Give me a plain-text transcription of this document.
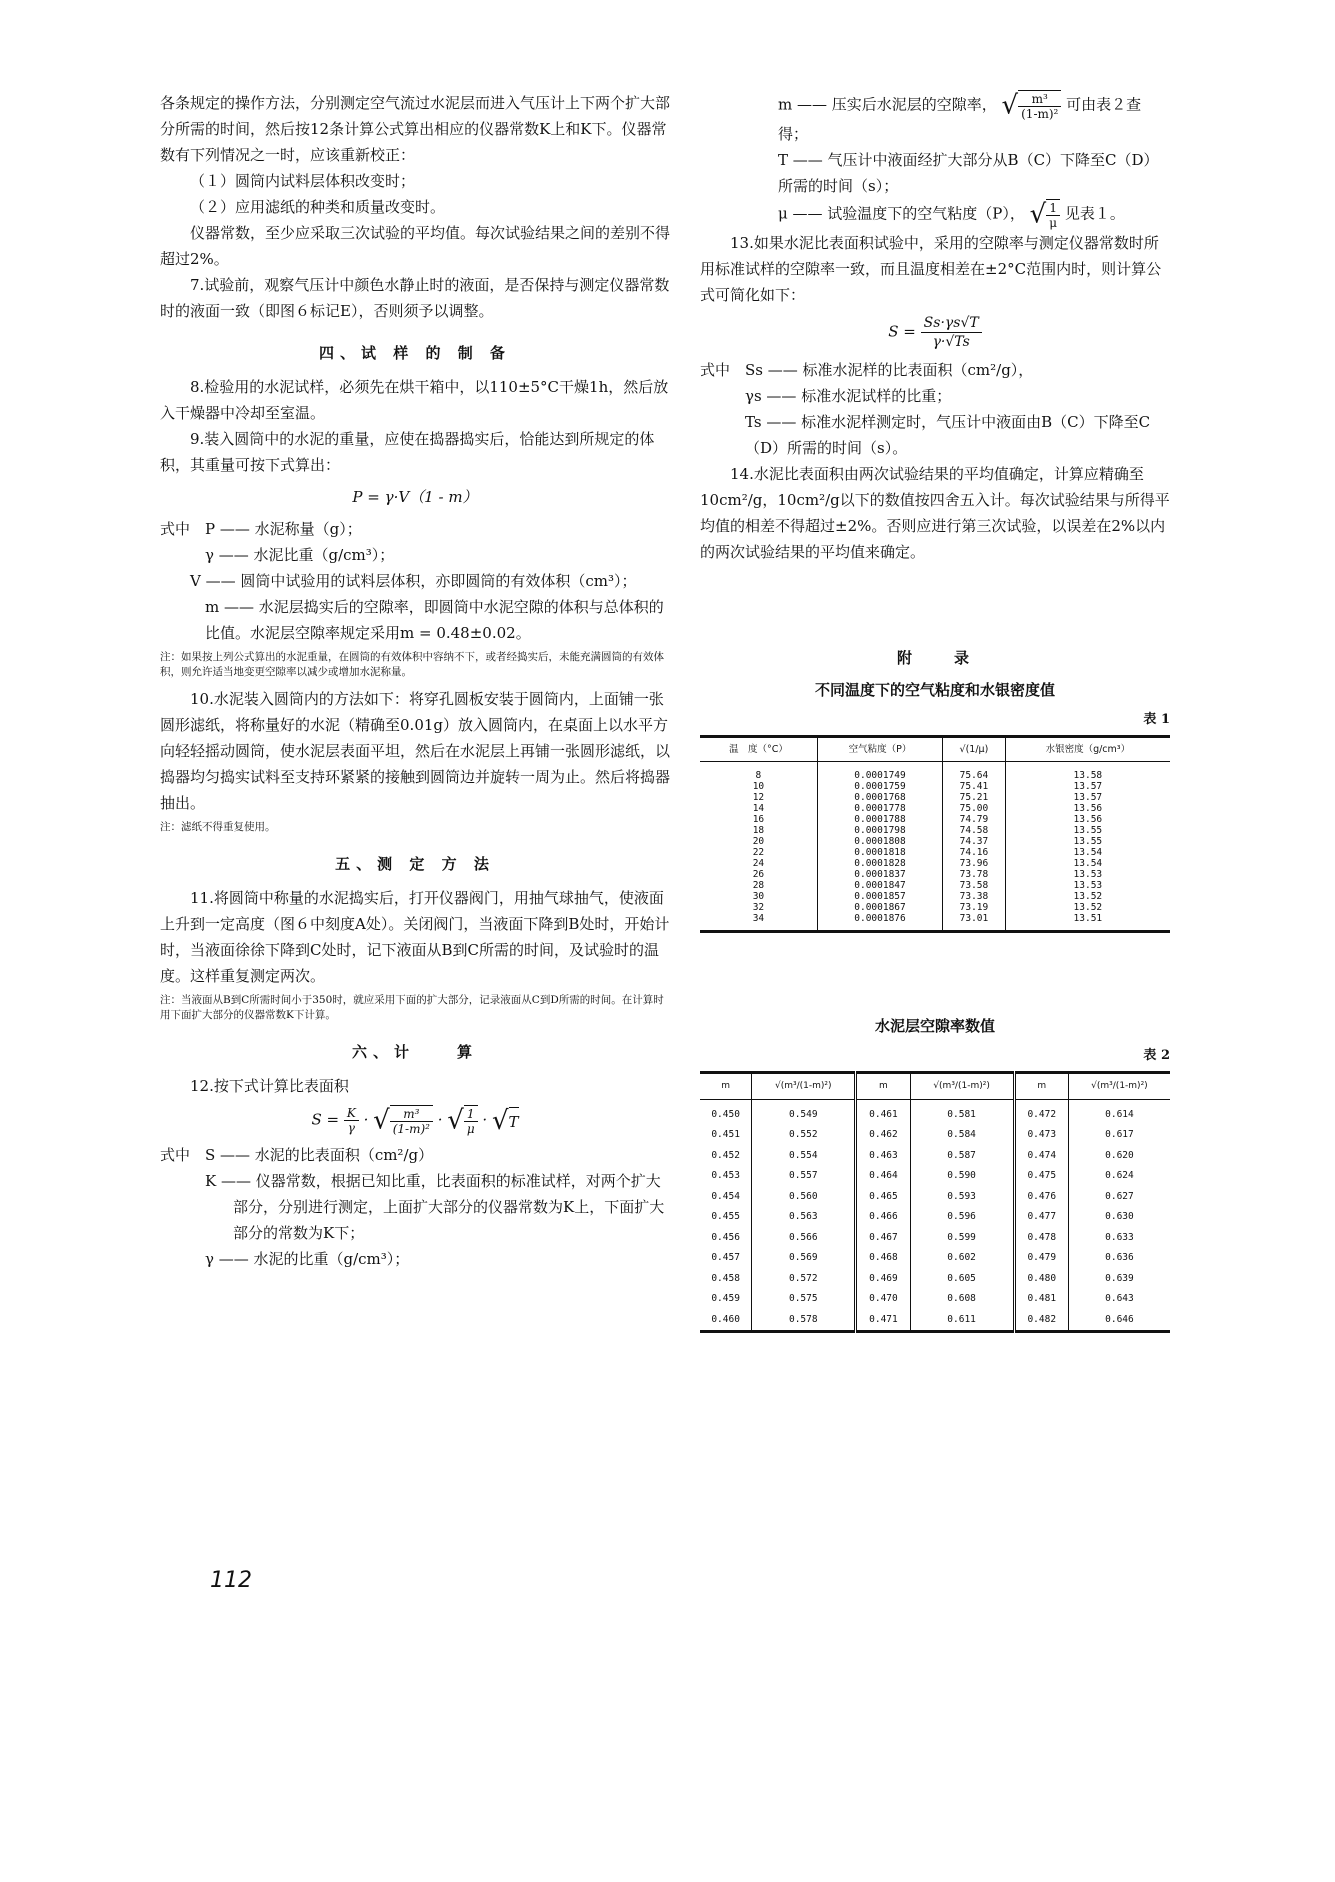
各条规定的操作方法，分别测定空气流过水泥层而进入气压计上下两个扩大部分所需的时间，然后按12条计算公式算出相应的仪器常数K上和K下。仪器常数有下列情况之一时，应该重新校正：

（１）圆筒内试料层体积改变时；

（２）应用滤纸的种类和质量改变时。

仪器常数，至少应采取三次试验的平均值。每次试验结果之间的差别不得超过2%。

7.试验前，观察气压计中颜色水静止时的液面，是否保持与测定仪器常数时的液面一致（即图６标记E），否则须予以调整。

四、试 样 的 制 备

8.检验用的水泥试样，必须先在烘干箱中，以110±5°C干燥1h，然后放入干燥器中冷却至室温。

9.装入圆筒中的水泥的重量，应使在捣器捣实后，恰能达到所规定的体积，其重量可按下式算出：

P = γ·V（1 - m）

式中 P —— 水泥称量（g）；

γ —— 水泥比重（g/cm³）；

V —— 圆筒中试验用的试料层体积，亦即圆筒的有效体积（cm³）；

m —— 水泥层捣实后的空隙率，即圆筒中水泥空隙的体积与总体积的比值。水泥层空隙率规定采用m = 0.48±0.02。

注：如果按上列公式算出的水泥重量，在圆筒的有效体积中容纳不下，或者经捣实后，未能充满圆筒的有效体积，则允许适当地变更空隙率以减少或增加水泥称量。

10.水泥装入圆筒内的方法如下：将穿孔圆板安装于圆筒内，上面铺一张圆形滤纸，将称量好的水泥（精确至0.01g）放入圆筒内，在桌面上以水平方向轻轻摇动圆筒，使水泥层表面平坦，然后在水泥层上再铺一张圆形滤纸，以捣器均匀捣实试料至支持环紧紧的接触到圆筒边并旋转一周为止。然后将捣器抽出。

注：滤纸不得重复使用。

五、测 定 方 法

11.将圆筒中称量的水泥捣实后，打开仪器阀门，用抽气球抽气，使液面上升到一定高度（图６中刻度A处）。关闭阀门，当液面下降到B处时，开始计时，当液面徐徐下降到C处时，记下液面从B到C所需的时间，及试验时的温度。这样重复测定两次。

注：当液面从B到C所需时间小于350时，就应采用下面的扩大部分，记录液面从C到D所需的时间。在计算时用下面扩大部分的仪器常数K下计算。

六、计　　算

12.按下式计算比表面积

$S = \frac{K}{\gamma}$ · √ $\frac{\text{m³}}{\text{(1-m)²}}$ · √ $\frac{1}{\mu} \cdot √T$

式中 S —— 水泥的比表面积（cm²/g）

K —— 仪器常数，根据已知比重，比表面积的标准试样，对两个扩大部分，分别进行测定，上面扩大部分的仪器常数为K上，下面扩大部分的常数为K下；

γ —— 水泥的比重（g/cm³）；

112

m —— 压实后水泥层的空隙率， √ $\frac{\text{m³}}{\text{(1-m)²}}$ 可由表２查得；

T —— 气压计中液面经扩大部分从B（C）下降至C（D）所需的时间（s）；

μ —— 试验温度下的空气粘度（P）， √ $\frac{1}{\mu}$ 见表１。

13.如果水泥比表面积试验中，采用的空隙率与测定仪器常数时所用标准试样的空隙率一致，而且温度相差在±2°C范围内时，则计算公式可简化如下：

$S = \frac{Ss\cdot\gamma s√T}{\gamma\cdot√Ts}$

式中 Ss —— 标准水泥样的比表面积（cm²/g），

γs —— 标准水泥试样的比重；

Ts —— 标准水泥样测定时，气压计中液面由B（C）下降至C（D）所需的时间（s）。

14.水泥比表面积由两次试验结果的平均值确定，计算应精确至10cm²/g，10cm²/g以下的数值按四舍五入计。每次试验结果与所得平均值的相差不得超过±2%。否则应进行第三次试验，以误差在2%以内的两次试验结果的平均值来确定。

附　　录

不同温度下的空气粘度和水银密度值

表 1

温　度（°C）	空气粘度（P）	√(1/μ)	水银密度（g/cm³）
8	0.0001749	75.64	13.58
10	0.0001759	75.41	13.57
12	0.0001768	75.21	13.57
14	0.0001778	75.00	13.56
16	0.0001788	74.79	13.56
18	0.0001798	74.58	13.55
20	0.0001808	74.37	13.55
22	0.0001818	74.16	13.54
24	0.0001828	73.96	13.54
26	0.0001837	73.78	13.53
28	0.0001847	73.58	13.53
30	0.0001857	73.38	13.52
32	0.0001867	73.19	13.52
34	0.0001876	73.01	13.51

水泥层空隙率数值

表 2

m	√(m³/(1-m)²)	m	√(m³/(1-m)²)	m	√(m³/(1-m)²)
0.450	0.549	0.461	0.581	0.472	0.614
0.451	0.552	0.462	0.584	0.473	0.617
0.452	0.554	0.463	0.587	0.474	0.620
0.453	0.557	0.464	0.590	0.475	0.624
0.454	0.560	0.465	0.593	0.476	0.627
0.455	0.563	0.466	0.596	0.477	0.630
0.456	0.566	0.467	0.599	0.478	0.633
0.457	0.569	0.468	0.602	0.479	0.636
0.458	0.572	0.469	0.605	0.480	0.639
0.459	0.575	0.470	0.608	0.481	0.643
0.460	0.578	0.471	0.611	0.482	0.646
